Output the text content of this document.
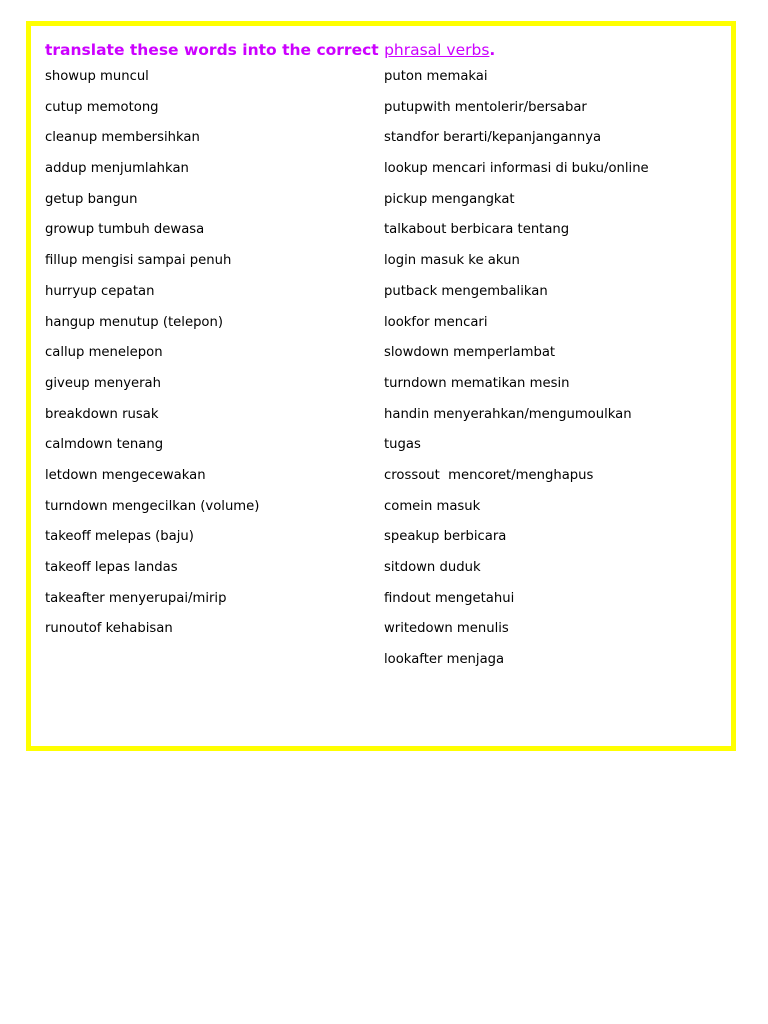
translate these words into the correct phrasal verbs.

showup muncul
cutup memotong
cleanup membersihkan
addup menjumlahkan
getup bangun
growup tumbuh dewasa
fillup mengisi sampai penuh
hurryup cepatan
hangup menutup (telepon)
callup menelepon
giveup menyerah
breakdown rusak
calmdown tenang
letdown mengecewakan
turndown mengecilkan (volume)
takeoff melepas (baju)
takeoff lepas landas
takeafter menyerupai/mirip
runoutof kehabisan
puton memakai
putupwith mentolerir/bersabar
standfor berarti/kepanjangannya
lookup mencari informasi di buku/online
pickup mengangkat
talkabout berbicara tentang
login masuk ke akun
putback mengembalikan
lookfor mencari
slowdown memperlambat
turndown mematikan mesin
handin menyerahkan/mengumoulkan
tugas
crossout  mencoret/menghapus
comein masuk
speakup berbicara
sitdown duduk
findout mengetahui
writedown menulis
lookafter menjaga
